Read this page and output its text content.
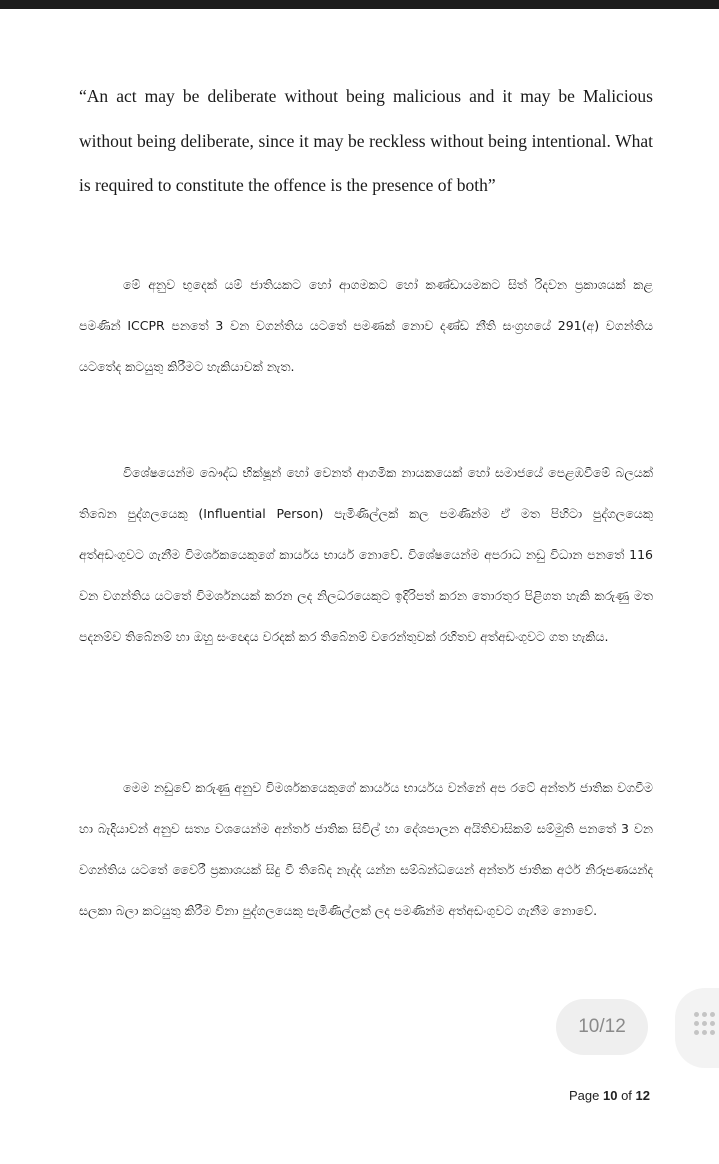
“An act may be deliberate without being malicious and it may be Malicious without being deliberate, since it may be reckless without being intentional. What is required to constitute the offence is the presence of both”

මේ අනුව භුදෙක් යම් ජාතියකට හෝ ආගමකට හෝ කණ්ඩායමකට සිත් රිදවන ප්‍රකාශයක් කළ පමණින් ICCPR පනතේ 3 වන වගන්තිය යටතේ පමණක් නොව දණ්ඩ නීති සංග්‍රහයේ 291(අ) වගන්තිය යටතේද කටයුතු කිරීමට හැකියාවක් නැත.

විශේෂයෙන්ම බෞද්ධ භික්ෂූන් හෝ වෙනත් ආගමික නායකයෙක් හෝ සමාජයේ පෙළඹවීමේ බලයක් තිබෙන පුද්ගලයෙකු (Influential Person) පැමිණිල්ලක් කල පමණින්ම ඒ මත පිහිටා පුද්ගලයෙකු අත්අඩංගුවට ගැනීම විමර්ශකයෙකුගේ කාර්යය භාර්ය නොවේ. විශේෂයෙන්ම අපරාධ නඩු විධාන පනතේ 116 වන වගන්තිය යටතේ විමර්ශනයක් කරන ලද නිලධරයෙකුට ඉදිරිපත් කරන තොරතුර පිළිගත හැකි කරුණු මත පදනම්ව තිබේනම් හා ඔහු සංඥෙය වරදක් කර තිබේනම් වරෙන්තුවක් රහිතව අත්අඩංගුවට ගත හැකිය.

මෙම නඩුවේ කරුණු අනුව විමර්ශකයෙකුගේ කාර්යය භාර්යය වන්නේ අප රටේ අන්තර් ජාතික වගවීම හා බැදියාවන් අනුව සත්‍ය වශයෙන්ම අන්තර් ජාතික සිවිල් හා දේශපාලන අයිතිවාසිකම් සම්මුති පනතේ 3 වන වගන්තිය යටතේ වෛරී ප්‍රකාශයක් සිදු වී තිබේද නැද්ද යන්න සම්බන්ධයෙන් අන්තර් ජාතික අර්ථ නිරූපණයන්ද සලකා බලා කටයුතු කිරීම විනා පුද්ගලයෙකු පැමිණිල්ලක් ලද පමණින්ම අත්අඩංගුවට ගැනීම නොවේ.

10/12
Page 10 of 12
